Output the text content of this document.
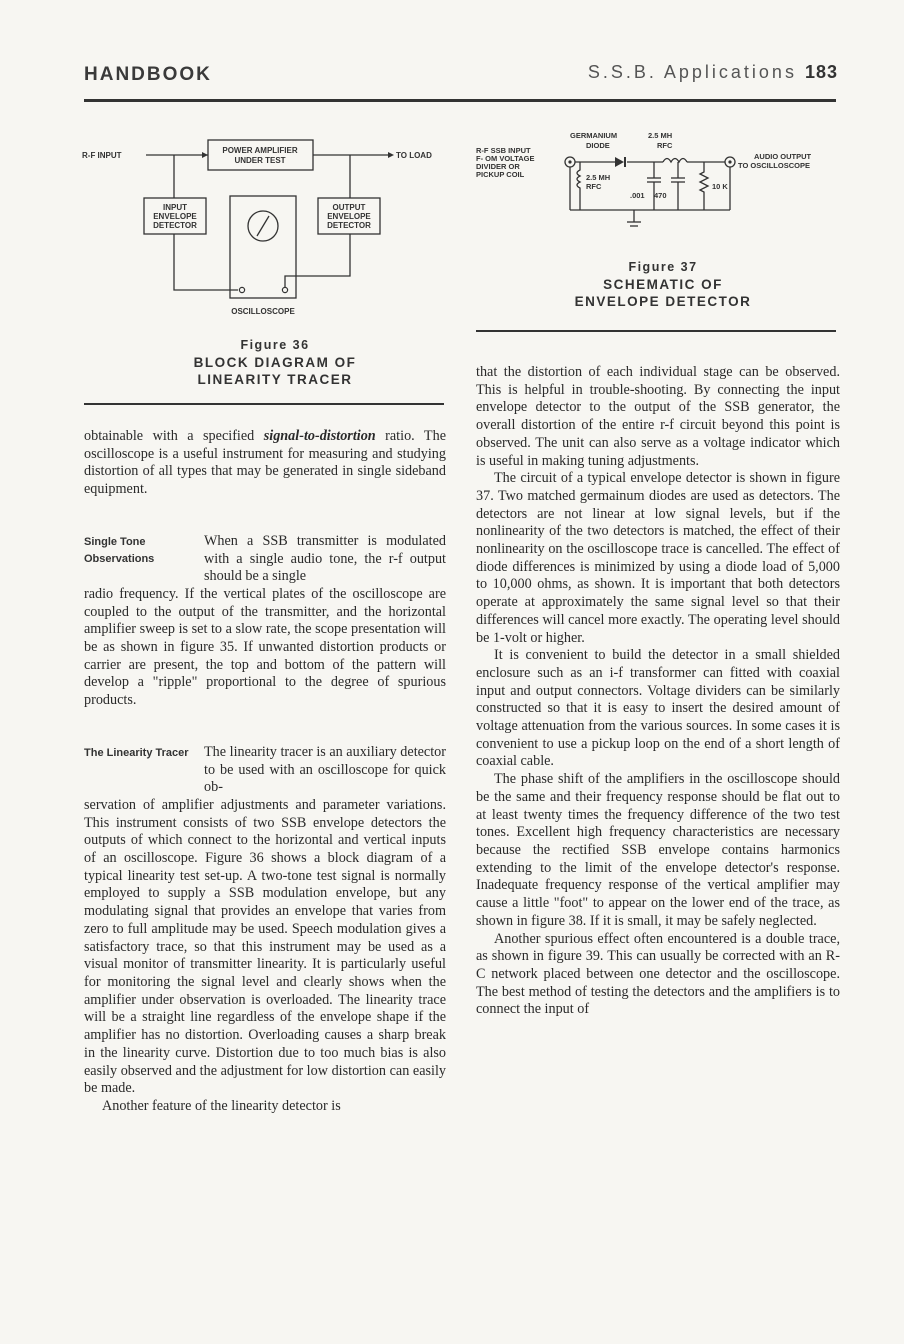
HANDBOOK	S.S.B. Applications 183
R-F INPUT
POWER AMPLIFIER
UNDER TEST
TO LOAD
INPUT
ENVELOPE
DETECTOR
OUTPUT
ENVELOPE
DETECTOR
OSCILLOSCOPE
Figure 36
BLOCK DIAGRAM OF
LINEARITY TRACER
GERMANIUM
DIODE
2.5 MH
RFC
R-F SSB INPUT
F- OM VOLTAGE
DIVIDER OR
PICKUP COIL
AUDIO OUTPUT
TO OSCILLOSCOPE
2.5 MH
RFC
.001 470
10 K
Figure 37
SCHEMATIC OF
ENVELOPE DETECTOR

obtainable with a specified signal-to-distortion ratio. The oscilloscope is a useful instrument for measuring and studying distortion of all types that may be generated in single sideband equipment.

Single Tone Observations

When a SSB transmitter is modulated with a single audio tone, the r-f output should be a single
radio frequency. If the vertical plates of the oscilloscope are coupled to the output of the transmitter, and the horizontal amplifier sweep is set to a slow rate, the scope presentation will be as shown in figure 35. If unwanted distortion products or carrier are present, the top and bottom of the pattern will develop a "ripple" proportional to the degree of spurious products.

The Linearity Tracer	The linearity tracer is an auxiliary detector to be used with an oscilloscope for quick ob-
servation of amplifier adjustments and parameter variations. This instrument consists of two SSB envelope detectors the outputs of which connect to the horizontal and vertical inputs of an oscilloscope. Figure 36 shows a block diagram of a typical linearity test set-up. A two-tone test signal is normally employed to supply a SSB modulation envelope, but any modulating signal that provides an envelope that varies from zero to full amplitude may be used. Speech modulation gives a satisfactory trace, so that this instrument may be used as a visual monitor of transmitter linearity. It is particularly useful for monitoring the signal level and clearly shows when the amplifier under observation is overloaded. The linearity trace will be a straight line regardless of the envelope shape if the amplifier has no distortion. Overloading causes a sharp break in the linearity curve. Distortion due to too much bias is also easily observed and the adjustment for low distortion can easily be made.

Another feature of the linearity detector is

that the distortion of each individual stage can be observed. This is helpful in trouble-shooting. By connecting the input envelope detector to the output of the SSB generator, the overall distortion of the entire r-f circuit beyond this point is observed. The unit can also serve as a voltage indicator which is useful in making tuning adjustments.

The circuit of a typical envelope detector is shown in figure 37. Two matched germainum diodes are used as detectors. The detectors are not linear at low signal levels, but if the nonlinearity of the two detectors is matched, the effect of their nonlinearity on the oscilloscope trace is cancelled. The effect of diode differences is minimized by using a diode load of 5,000 to 10,000 ohms, as shown. It is important that both detectors operate at approximately the same signal level so that their differences will cancel more exactly. The operating level should be 1-volt or higher.

It is convenient to build the detector in a small shielded enclosure such as an i-f transformer can fitted with coaxial input and output connectors. Voltage dividers can be similarly constructed so that it is easy to insert the desired amount of voltage attenuation from the various sources. In some cases it is convenient to use a pickup loop on the end of a short length of coaxial cable.

The phase shift of the amplifiers in the oscilloscope should be the same and their frequency response should be flat out to at least twenty times the frequency difference of the two test tones. Excellent high frequency characteristics are necessary because the rectified SSB envelope contains harmonics extending to the limit of the envelope detector's response. Inadequate frequency response of the vertical amplifier may cause a little "foot" to appear on the lower end of the trace, as shown in figure 38. If it is small, it may be safely neglected.

Another spurious effect often encountered is a double trace, as shown in figure 39. This can usually be corrected with an R-C network placed between one detector and the oscilloscope. The best method of testing the detectors and the amplifiers is to connect the input of
